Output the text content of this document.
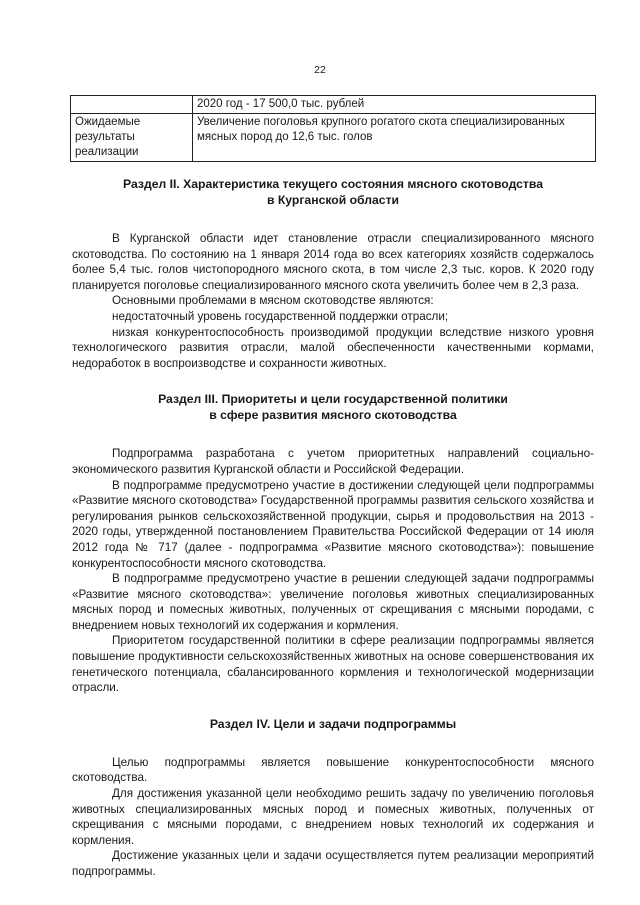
22
	2020 год - 17 500,0 тыс. рублей
Ожидаемые результаты реализации	Увеличение поголовья крупного рогатого скота специализированных мясных пород до 12,6 тыс. голов
Раздел II. Характеристика текущего состояния мясного скотоводства
в Курганской области

В Курганской области идет становление отрасли специализированного мясного скотоводства. По состоянию на 1 января 2014 года во всех категориях хозяйств содержалось более 5,4 тыс. голов чистопородного мясного скота, в том числе 2,3 тыс. коров. К 2020 году планируется поголовье специализированного мясного скота увеличить более чем в 2,3 раза.

Основными проблемами в мясном скотоводстве являются:

недостаточный уровень государственной поддержки отрасли;

низкая конкурентоспособность производимой продукции вследствие низкого уровня технологического развития отрасли, малой обеспеченности качественными кормами, недоработок в воспроизводстве и сохранности животных.

Раздел III. Приоритеты и цели государственной политики
в сфере развития мясного скотоводства

Подпрограмма разработана с учетом приоритетных направлений социально-экономического развития Курганской области и Российской Федерации.

В подпрограмме предусмотрено участие в достижении следующей цели подпрограммы «Развитие мясного скотоводства» Государственной программы развития сельского хозяйства и регулирования рынков сельскохозяйственной продукции, сырья и продовольствия на 2013 - 2020 годы, утвержденной постановлением Правительства Российской Федерации от 14 июля 2012 года № 717 (далее - подпрограмма «Развитие мясного скотоводства»): повышение конкурентоспособности мясного скотоводства.

В подпрограмме предусмотрено участие в решении следующей задачи подпрограммы «Развитие мясного скотоводства»: увеличение поголовья животных специализированных мясных пород и помесных животных, полученных от скрещивания с мясными породами, с внедрением новых технологий их содержания и кормления.

Приоритетом государственной политики в сфере реализации подпрограммы является повышение продуктивности сельскохозяйственных животных на основе совершенствования их генетического потенциала, сбалансированного кормления и технологической модернизации отрасли.

Раздел IV. Цели и задачи подпрограммы

Целью подпрограммы является повышение конкурентоспособности мясного скотоводства.

Для достижения указанной цели необходимо решить задачу по увеличению поголовья животных специализированных мясных пород и помесных животных, полученных от скрещивания с мясными породами, с внедрением новых технологий их содержания и кормления.

Достижение указанных цели и задачи осуществляется путем реализации мероприятий подпрограммы.
